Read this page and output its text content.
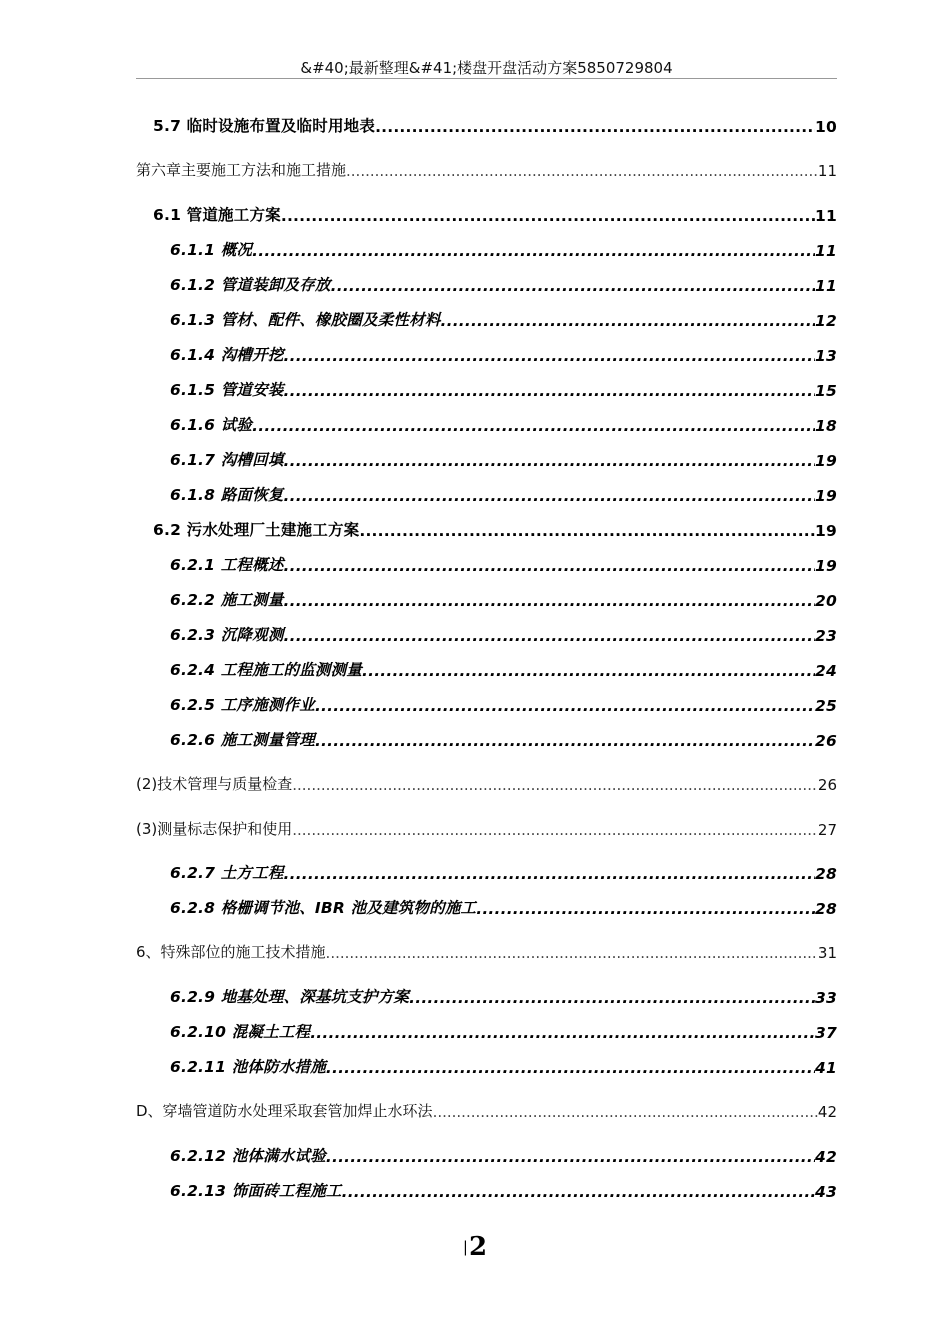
&#40;最新整理&#41;楼盘开盘活动方案5850729804
5.7 临时设施布置及临时用地表 .....	10
第六章主要施工方法和施工措施 .....	11
6.1 管道施工方案 .....	11
6.1.1 概况 .....	11
6.1.2 管道装卸及存放 .....	11
6.1.3 管材、配件、橡胶圈及柔性材料 .....	12
6.1.4 沟槽开挖 .....	13
6.1.5 管道安装 .....	15
6.1.6 试验 .....	18
6.1.7 沟槽回填 .....	19
6.1.8 路面恢复 .....	19
6.2 污水处理厂土建施工方案 .....	19
6.2.1 工程概述 .....	19
6.2.2 施工测量 .....	20
6.2.3 沉降观测 .....	23
6.2.4 工程施工的监测测量 .....	24
6.2.5 工序施测作业 .....	25
6.2.6 施工测量管理 .....	26
(2)技术管理与质量检查 .....	26
(3)测量标志保护和使用 .....	27
6.2.7 土方工程 .....	28
6.2.8 格栅调节池、IBR 池及建筑物的施工 .....	28
6、特殊部位的施工技术措施 .....	31
6.2.9 地基处理、深基坑支护方案 .....	33
6.2.10 混凝土工程 .....	37
6.2.11 池体防水措施 .....	41
D、穿墙管道防水处理采取套管加焊止水环法 .....	42
6.2.12 池体满水试验 .....	42
6.2.13 饰面砖工程施工 .....	43
|2
